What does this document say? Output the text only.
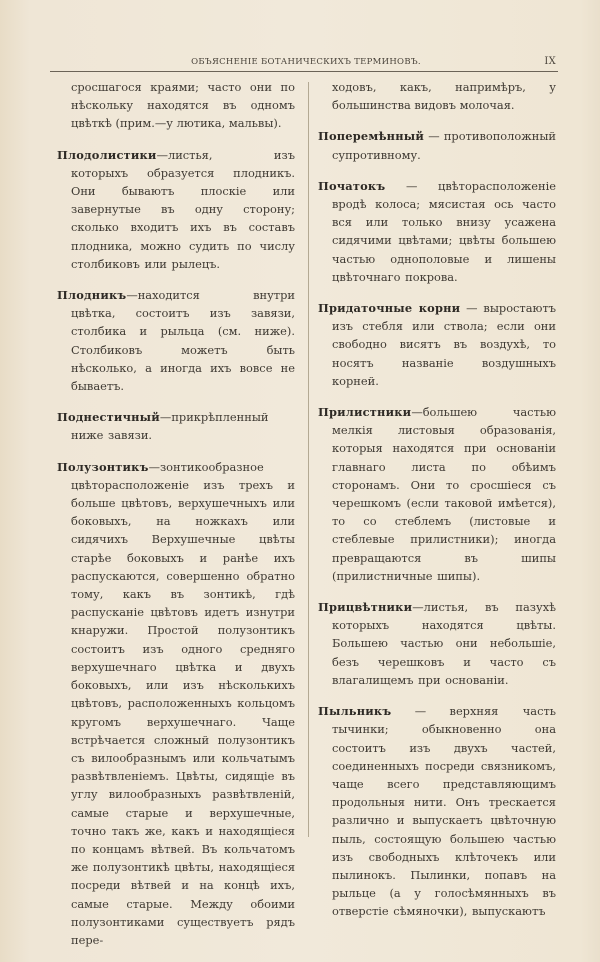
ОБЪЯСНЕНІЕ БОТАНИЧЕСКИХЪ ТЕРМИНОВЪ.	IX

сросшагося краями; часто они по нѣскольку находятся въ одномъ цвѣткѣ (прим.—у лютика, мальвы).

Плодолистики—листья, изъ которыхъ образуется плодникъ. Они бываютъ плоскіе или завернутые въ одну сторону; сколько входитъ ихъ въ составъ плодника, можно судить по числу столбиковъ или рылецъ.

Плодникъ—находится внутри цвѣтка, состоитъ изъ завязи, столбика и рыльца (см. ниже). Столбиковъ можетъ быть нѣсколько, а иногда ихъ вовсе не бываетъ.

Поднестичный—прикрѣпленный ниже завязи.

Полузонтикъ—зонтикообразное цвѣторасположеніе изъ трехъ и больше цвѣтовъ, верхушечныхъ или боковыхъ, на ножкахъ или сидячихъ Верхушечные цвѣты старѣе боковыхъ и ранѣе ихъ распускаются, совершенно обратно тому, какъ въ зонтикѣ, гдѣ распусканіе цвѣтовъ идетъ изнутри кнаружи. Простой полузонтикъ состоитъ изъ одного средняго верхушечнаго цвѣтка и двухъ боковыхъ, или изъ нѣсколькихъ цвѣтовъ, расположенныхъ кольцомъ кругомъ верхушечнаго. Чаще встрѣчается сложный полузонтикъ съ вилообразнымъ или кольчатымъ развѣтвленіемъ. Цвѣты, сидящіе въ углу вилообразныхъ развѣтвленій, самые старые и верхушечные, точно такъ же, какъ и находящіеся по концамъ вѣтвей. Въ кольчатомъ же полузонтикѣ цвѣты, находящіеся посреди вѣтвей и на концѣ ихъ, самые старые. Между обоими полузонтиками существуетъ рядъ пере-

ходовъ, какъ, напримѣръ, у большинства видовъ молочая.

Поперемѣнный — противоположный супротивному.

Початокъ — цвѣторасположеніе вродѣ колоса; мясистая ось часто вся или только внизу усажена сидячими цвѣтами; цвѣты большею частью однополовые и лишены цвѣточнаго покрова.

Придаточные корни — выростаютъ изъ стебля или ствола; если они свободно висятъ въ воздухѣ, то носятъ названіе воздушныхъ корней.

Прилистники—большею частью мелкія листовыя образованія, которыя находятся при основаніи главнаго листа по обѣимъ сторонамъ. Они то сросшіеся съ черешкомъ (если таковой имѣется), то со стеблемъ (листовые и стеблевые прилистники); иногда превращаются въ шипы (прилистничные шипы).

Прицвѣтники—листья, въ пазухѣ которыхъ находятся цвѣты. Большею частью они небольшіе, безъ черешковъ и часто съ влагалищемъ при основаніи.

Пыльникъ — верхняя часть тычинки; обыкновенно она состоитъ изъ двухъ частей, соединенныхъ посреди связникомъ, чаще всего представляющимъ продольныя нити. Онъ трескается различно и выпускаетъ цвѣточную пыль, состоящую большею частью изъ свободныхъ клѣточекъ или пылинокъ. Пылинки, попавъ на рыльце (а у голосѣмянныхъ въ отверстіе сѣмяночки), выпускаютъ
